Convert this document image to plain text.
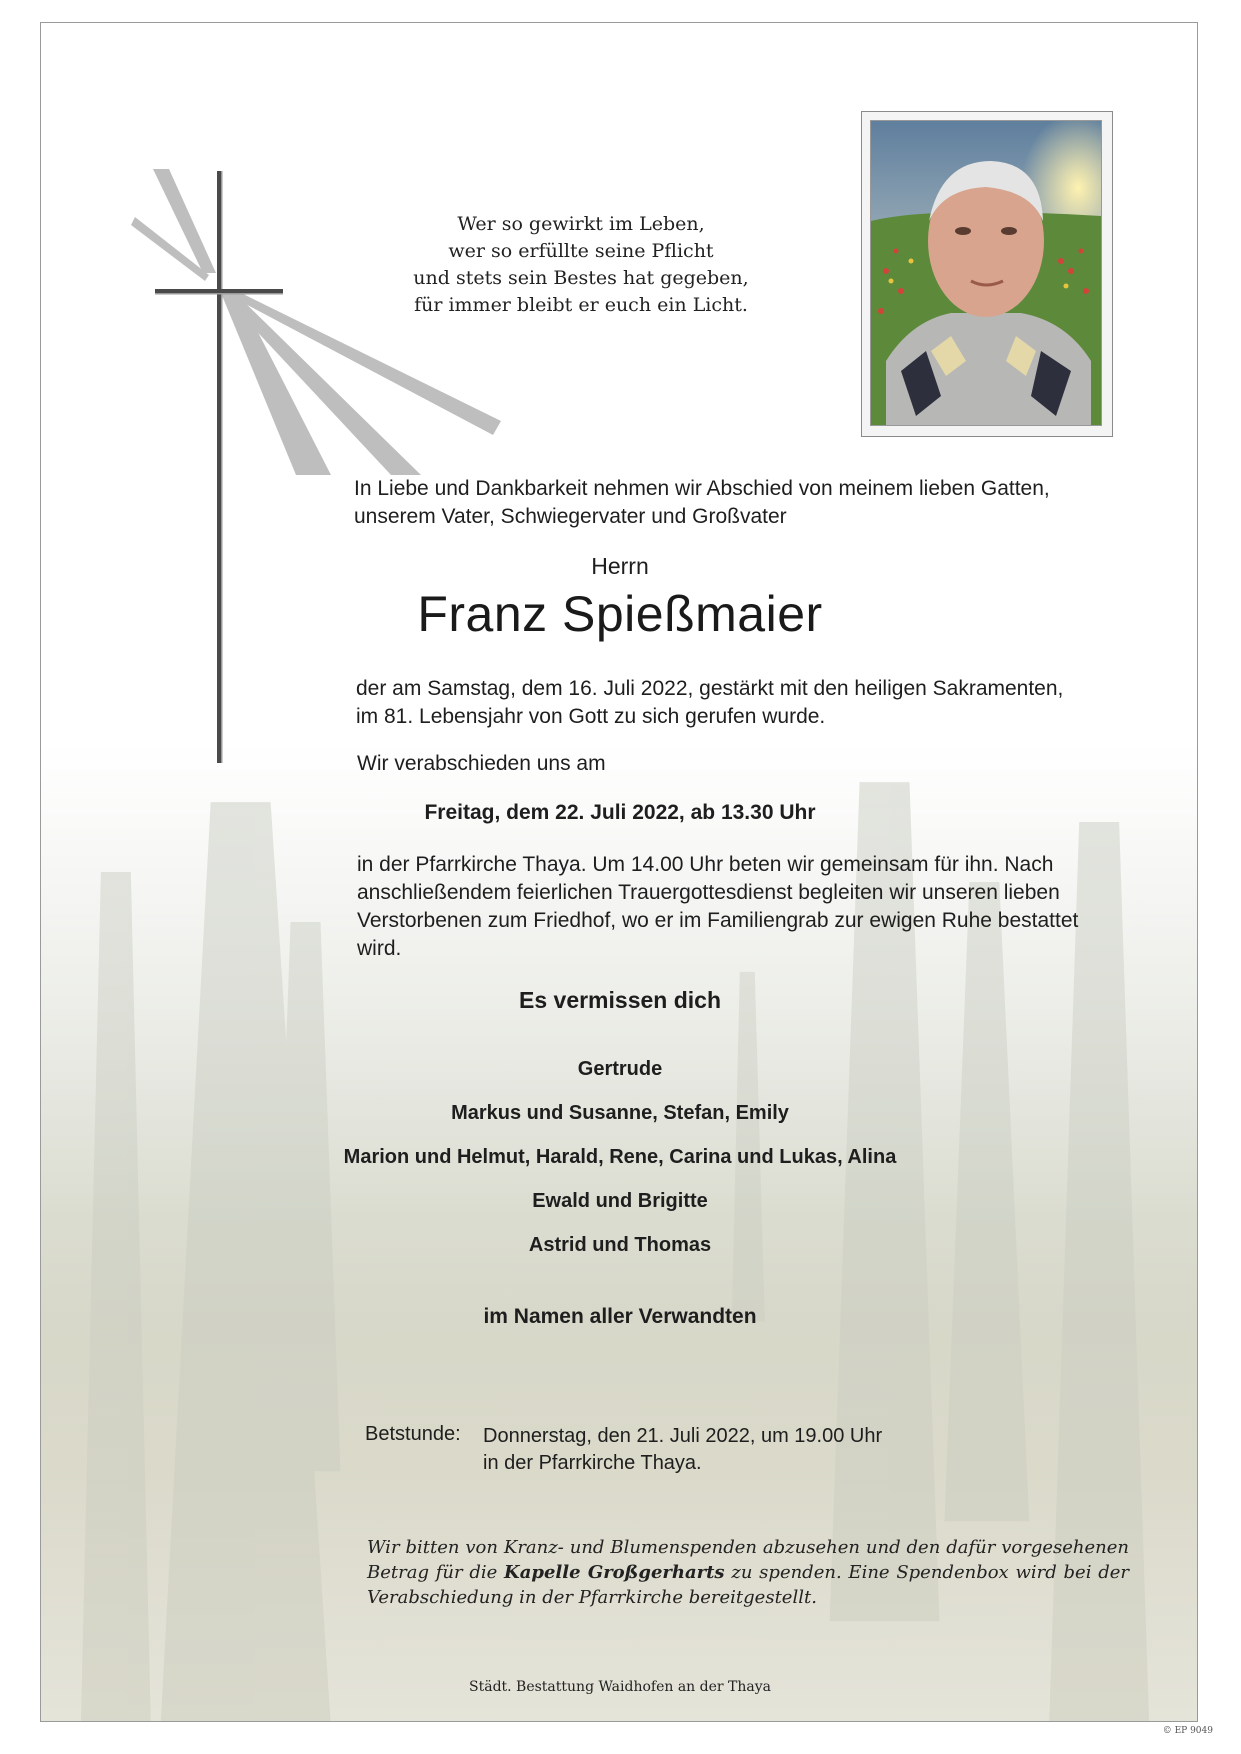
Wer so gewirkt im Leben,
wer so erfüllte seine Pflicht
und stets sein Bestes hat gegeben,
für immer bleibt er euch ein Licht.
In Liebe und Dankbarkeit nehmen wir Abschied von meinem lieben Gatten,
unserem Vater, Schwiegervater und Großvater
Herrn
Franz Spießmaier
der am Samstag, dem 16. Juli 2022, gestärkt mit den heiligen Sakramenten,
im 81. Lebensjahr von Gott zu sich gerufen wurde.
Wir verabschieden uns am
Freitag, dem 22. Juli 2022, ab 13.30 Uhr
in der Pfarrkirche Thaya. Um 14.00 Uhr beten wir gemeinsam für ihn. Nach
anschließendem feierlichen Trauergottesdienst begleiten wir unseren lieben
Verstorbenen zum Friedhof, wo er im Familiengrab zur ewigen Ruhe bestattet
wird.
Es vermissen dich
Gertrude
Markus und Susanne, Stefan, Emily
Marion und Helmut, Harald, Rene, Carina und Lukas, Alina
Ewald und Brigitte
Astrid und Thomas
im Namen aller Verwandten
Betstunde: Donnerstag, den 21. Juli 2022, um 19.00 Uhr
in der Pfarrkirche Thaya.
Wir bitten von Kranz- und Blumenspenden abzusehen und den dafür vorgesehenen Betrag für die Kapelle Großgerharts zu spenden. Eine Spendenbox wird bei der Verabschiedung in der Pfarrkirche bereitgestellt.
Städt. Bestattung Waidhofen an der Thaya
© EP 9049
